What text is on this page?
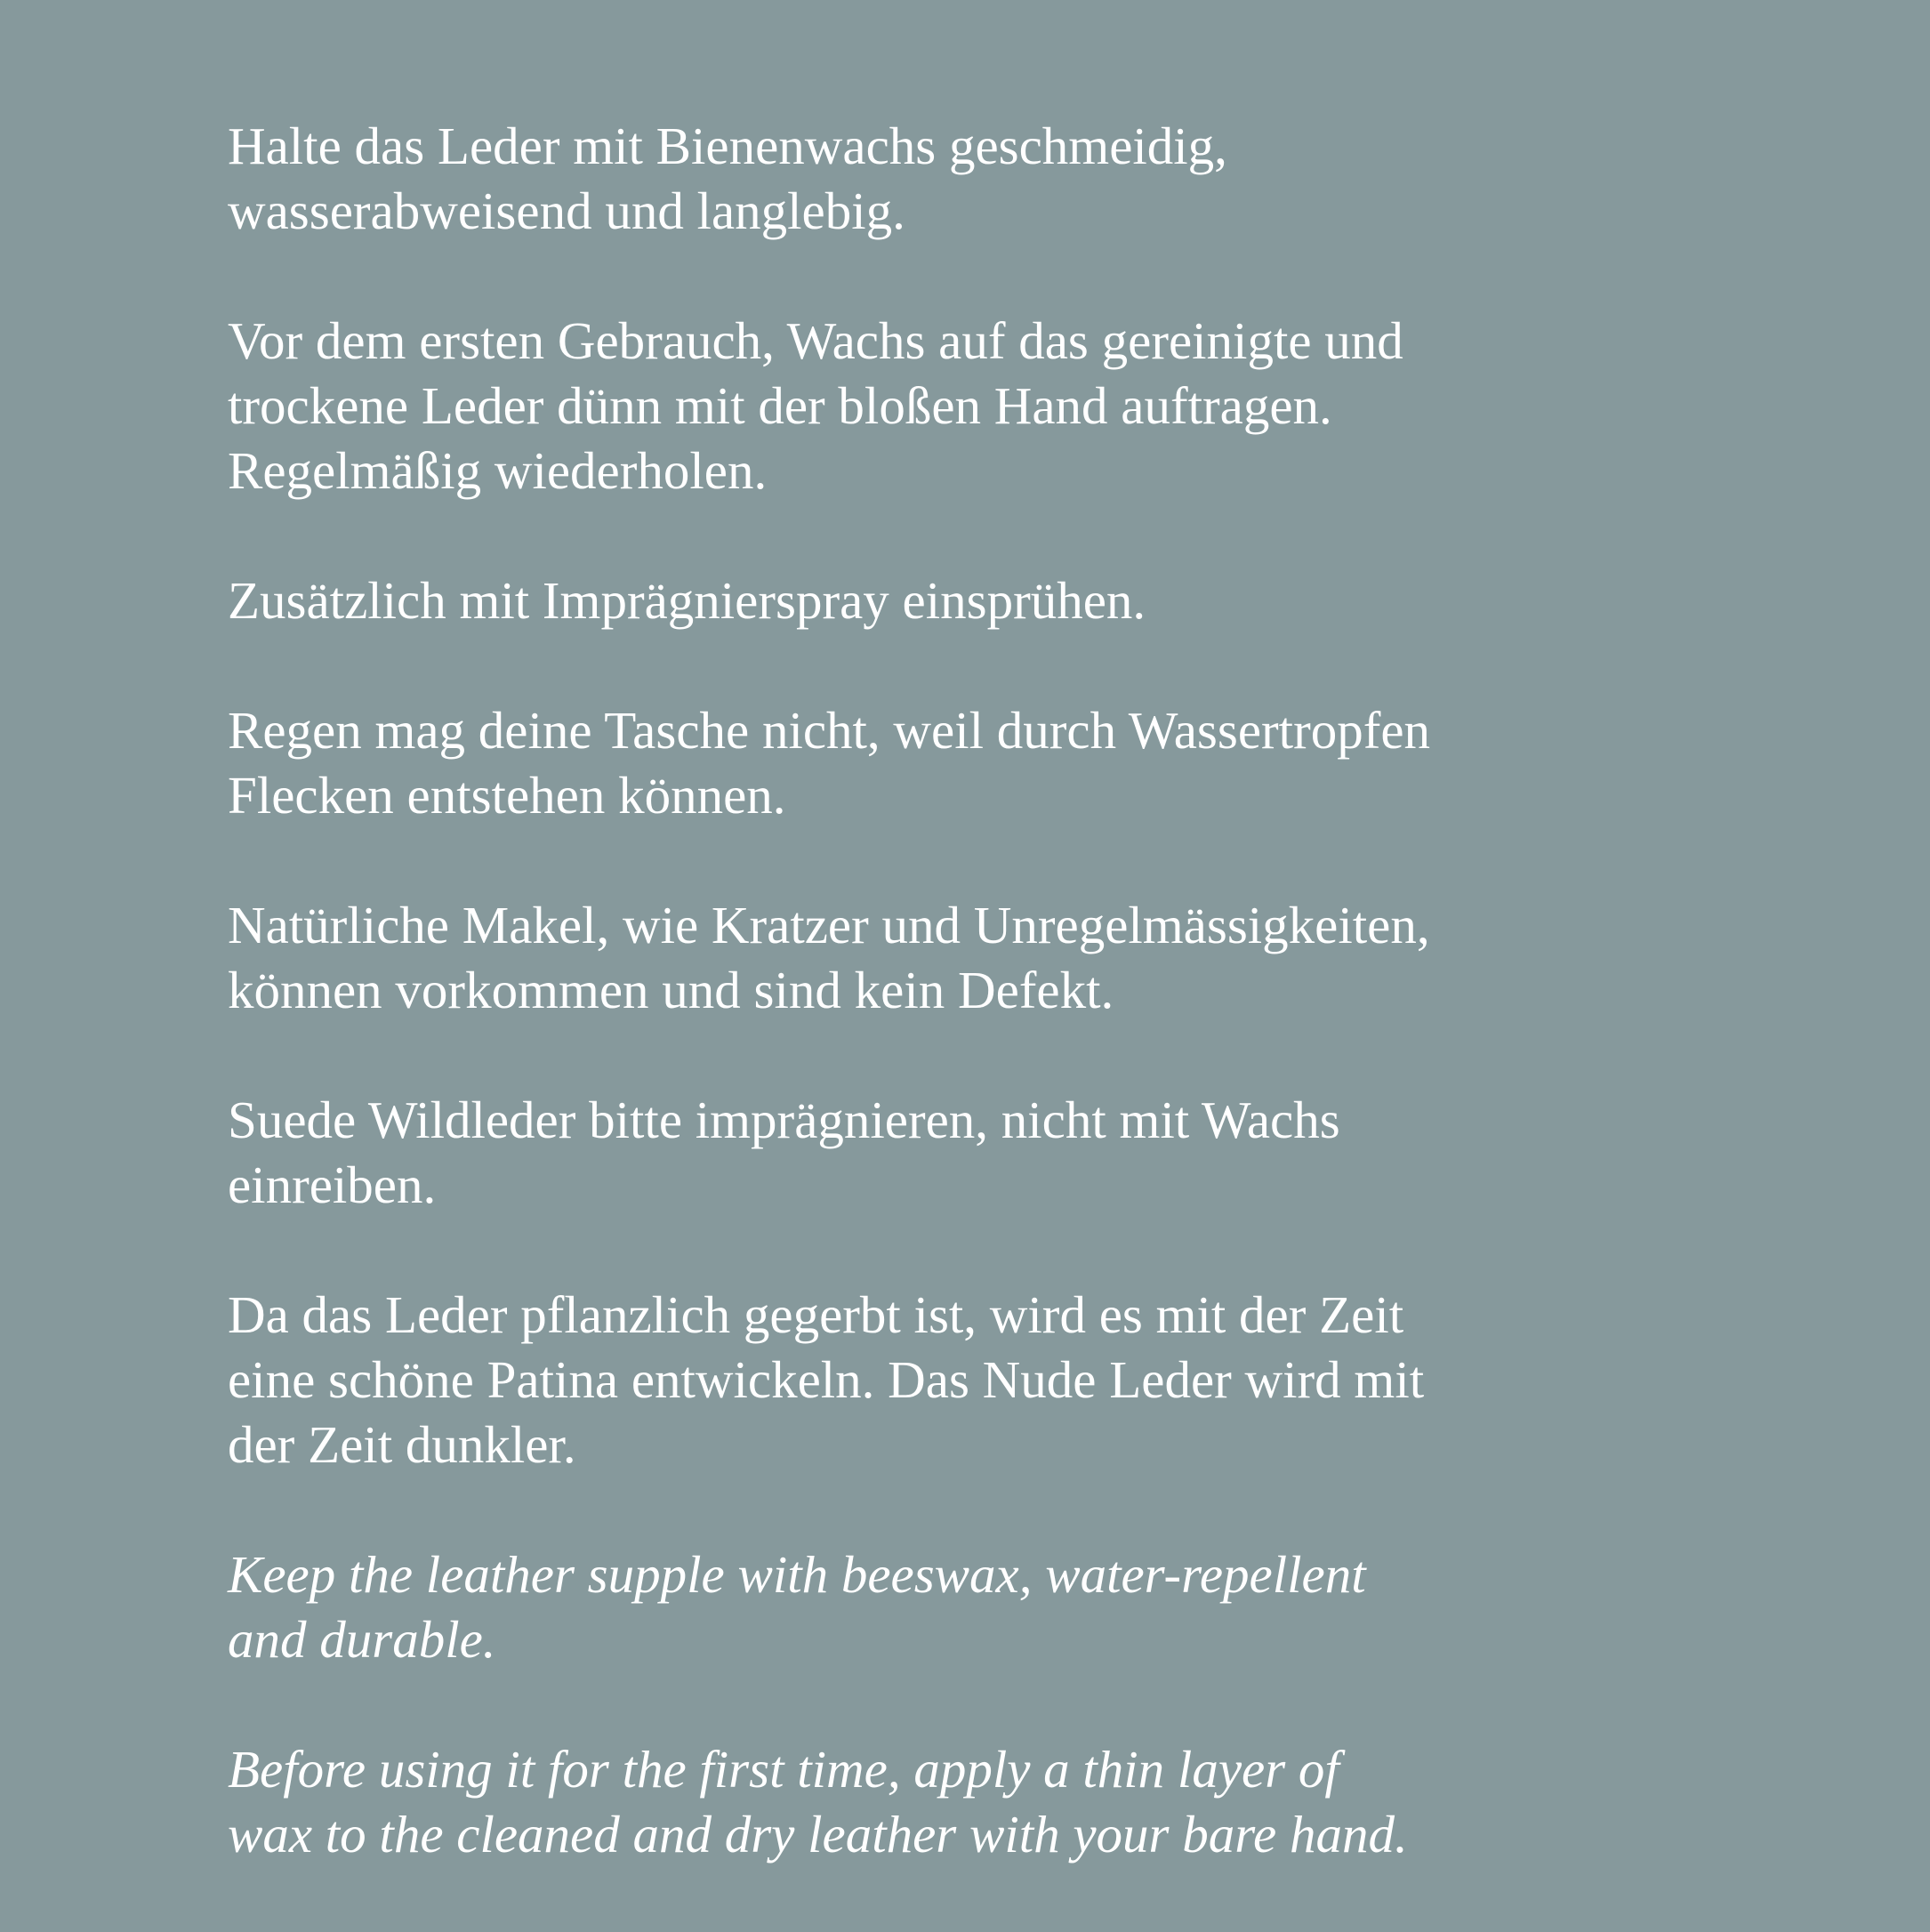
Halte das Leder mit Bienenwachs geschmeidig,
wasserabweisend und langlebig.

Vor dem ersten Gebrauch, Wachs auf das gereinigte und
trockene Leder dünn mit der bloßen Hand auftragen.
Regelmäßig wiederholen.

Zusätzlich mit Imprägnierspray einsprühen.

Regen mag deine Tasche nicht, weil durch Wassertropfen
Flecken entstehen können.

Natürliche Makel, wie Kratzer und Unregelmässigkeiten,
können vorkommen und sind kein Defekt.

Suede Wildleder bitte imprägnieren, nicht mit Wachs
einreiben.

Da das Leder pflanzlich gegerbt ist, wird es mit der Zeit
eine schöne Patina entwickeln. Das Nude Leder wird mit
der Zeit dunkler.

Keep the leather supple with beeswax, water-repellent
and durable.

Before using it for the first time, apply a thin layer of
wax to the cleaned and dry leather with your bare hand.
